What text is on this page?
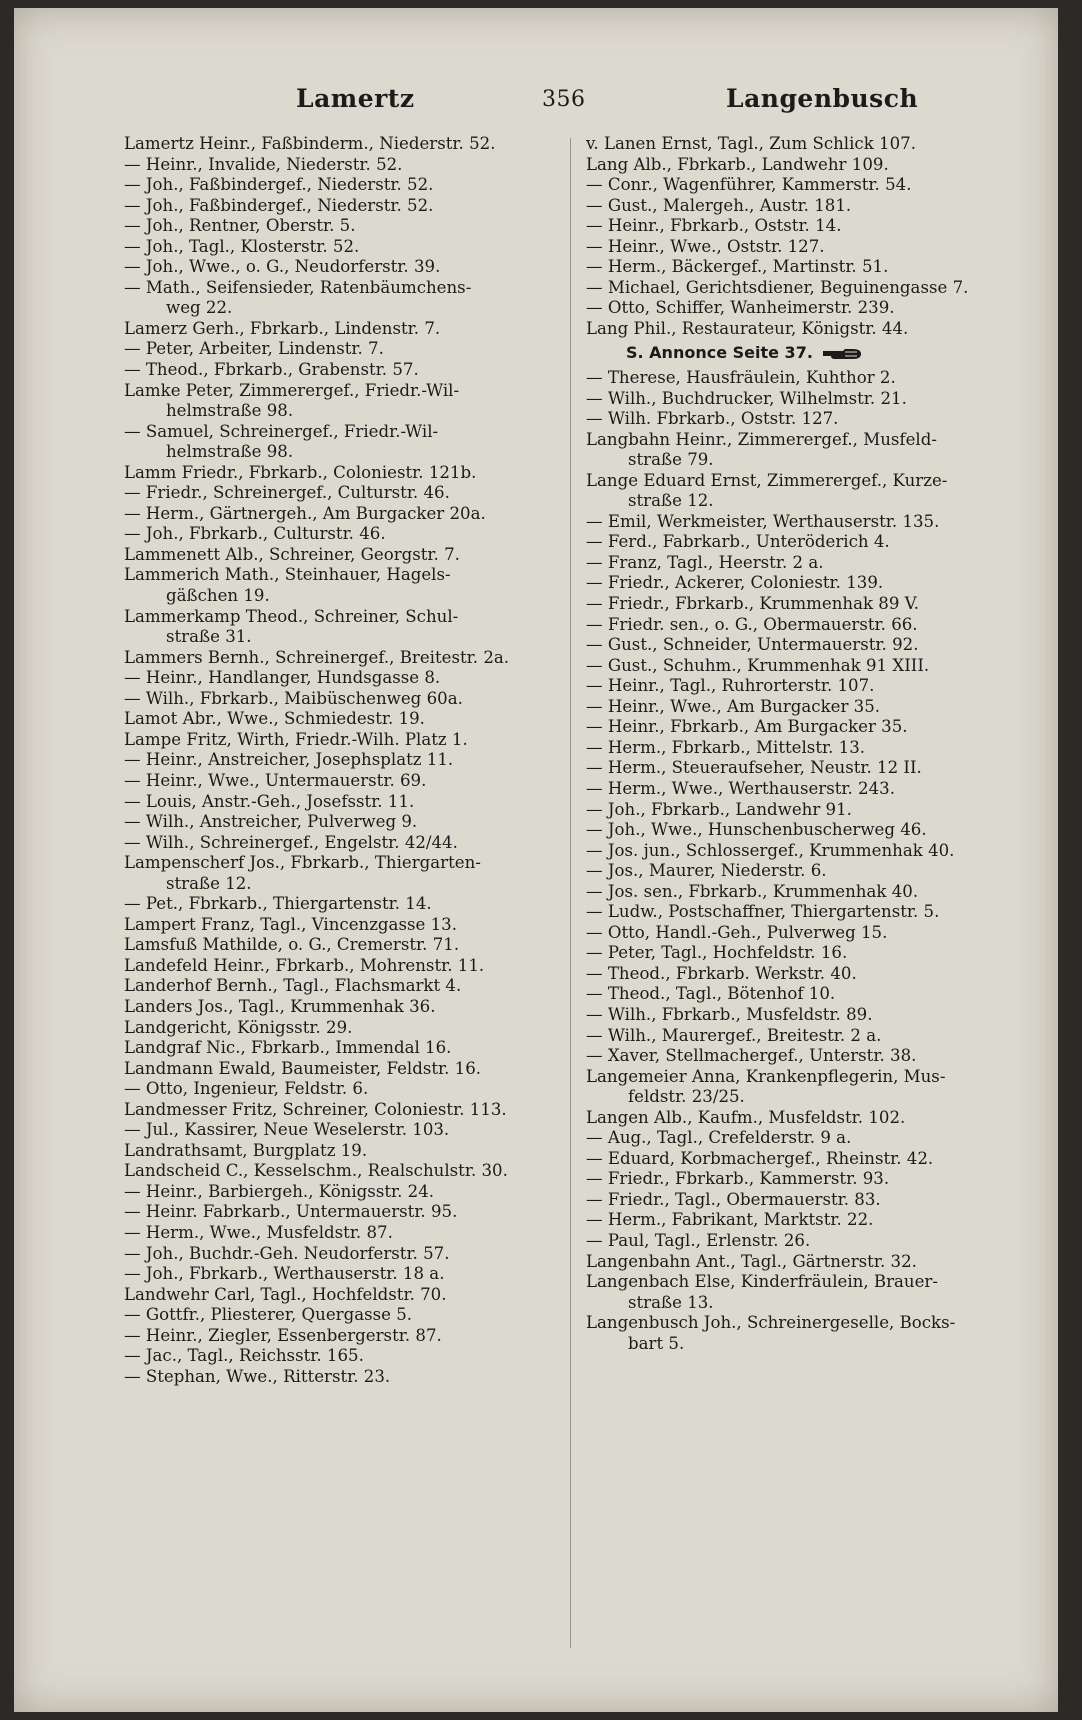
Lamertz	356	Langenbusch
Lamertz Heinr., Faßbinderm., Niederstr. 52.
— Heinr., Invalide, Niederstr. 52.
— Joh., Faßbindergef., Niederstr. 52.
— Joh., Faßbindergef., Niederstr. 52.
— Joh., Rentner, Oberstr. 5.
— Joh., Tagl., Klosterstr. 52.
— Joh., Wwe., o. G., Neudorferstr. 39.
— Math., Seifensieder, Ratenbäumchens-
weg 22.
Lamerz Gerh., Fbrkarb., Lindenstr. 7.
— Peter, Arbeiter, Lindenstr. 7.
— Theod., Fbrkarb., Grabenstr. 57.
Lamke Peter, Zimmerergef., Friedr.-Wil-
helmstraße 98.
— Samuel, Schreinergef., Friedr.-Wil-
helmstraße 98.
Lamm Friedr., Fbrkarb., Coloniestr. 121b.
— Friedr., Schreinergef., Culturstr. 46.
— Herm., Gärtnergeh., Am Burgacker 20a.
— Joh., Fbrkarb., Culturstr. 46.
Lammenett Alb., Schreiner, Georgstr. 7.
Lammerich Math., Steinhauer, Hagels-
gäßchen 19.
Lammerkamp Theod., Schreiner, Schul-
straße 31.
Lammers Bernh., Schreinergef., Breitestr. 2a.
— Heinr., Handlanger, Hundsgasse 8.
— Wilh., Fbrkarb., Maibüschenweg 60a.
Lamot Abr., Wwe., Schmiedestr. 19.
Lampe Fritz, Wirth, Friedr.-Wilh. Platz 1.
— Heinr., Anstreicher, Josephsplatz 11.
— Heinr., Wwe., Untermauerstr. 69.
— Louis, Anstr.-Geh., Josefsstr. 11.
— Wilh., Anstreicher, Pulverweg 9.
— Wilh., Schreinergef., Engelstr. 42/44.
Lampenscherf Jos., Fbrkarb., Thiergarten-
straße 12.
— Pet., Fbrkarb., Thiergartenstr. 14.
Lampert Franz, Tagl., Vincenzgasse 13.
Lamsfuß Mathilde, o. G., Cremerstr. 71.
Landefeld Heinr., Fbrkarb., Mohrenstr. 11.
Landerhof Bernh., Tagl., Flachsmarkt 4.
Landers Jos., Tagl., Krummenhak 36.
Landgericht, Königsstr. 29.
Landgraf Nic., Fbrkarb., Immendal 16.
Landmann Ewald, Baumeister, Feldstr. 16.
— Otto, Ingenieur, Feldstr. 6.
Landmesser Fritz, Schreiner, Coloniestr. 113.
— Jul., Kassirer, Neue Weselerstr. 103.
Landrathsamt, Burgplatz 19.
Landscheid C., Kesselschm., Realschulstr. 30.
— Heinr., Barbiergeh., Königsstr. 24.
— Heinr. Fabrkarb., Untermauerstr. 95.
— Herm., Wwe., Musfeldstr. 87.
— Joh., Buchdr.-Geh. Neudorferstr. 57.
— Joh., Fbrkarb., Werthauserstr. 18 a.
Landwehr Carl, Tagl., Hochfeldstr. 70.
— Gottfr., Pliesterer, Quergasse 5.
— Heinr., Ziegler, Essenbergerstr. 87.
— Jac., Tagl., Reichsstr. 165.
— Stephan, Wwe., Ritterstr. 23.
v. Lanen Ernst, Tagl., Zum Schlick 107.
Lang Alb., Fbrkarb., Landwehr 109.
— Conr., Wagenführer, Kammerstr. 54.
— Gust., Malergeh., Austr. 181.
— Heinr., Fbrkarb., Oststr. 14.
— Heinr., Wwe., Oststr. 127.
— Herm., Bäckergef., Martinstr. 51.
— Michael, Gerichtsdiener, Beguinengasse 7.
— Otto, Schiffer, Wanheimerstr. 239.
Lang Phil., Restaurateur, Königstr. 44.
S. Annonce Seite 37.
— Therese, Hausfräulein, Kuhthor 2.
— Wilh., Buchdrucker, Wilhelmstr. 21.
— Wilh. Fbrkarb., Oststr. 127.
Langbahn Heinr., Zimmerergef., Musfeld-
straße 79.
Lange Eduard Ernst, Zimmerergef., Kurze-
straße 12.
— Emil, Werkmeister, Werthauserstr. 135.
— Ferd., Fabrkarb., Unteröderich 4.
— Franz, Tagl., Heerstr. 2 a.
— Friedr., Ackerer, Coloniestr. 139.
— Friedr., Fbrkarb., Krummenhak 89 V.
— Friedr. sen., o. G., Obermauerstr. 66.
— Gust., Schneider, Untermauerstr. 92.
— Gust., Schuhm., Krummenhak 91 XIII.
— Heinr., Tagl., Ruhrorterstr. 107.
— Heinr., Wwe., Am Burgacker 35.
— Heinr., Fbrkarb., Am Burgacker 35.
— Herm., Fbrkarb., Mittelstr. 13.
— Herm., Steueraufseher, Neustr. 12 II.
— Herm., Wwe., Werthauserstr. 243.
— Joh., Fbrkarb., Landwehr 91.
— Joh., Wwe., Hunschenbuscherweg 46.
— Jos. jun., Schlossergef., Krummenhak 40.
— Jos., Maurer, Niederstr. 6.
— Jos. sen., Fbrkarb., Krummenhak 40.
— Ludw., Postschaffner, Thiergartenstr. 5.
— Otto, Handl.-Geh., Pulverweg 15.
— Peter, Tagl., Hochfeldstr. 16.
— Theod., Fbrkarb. Werkstr. 40.
— Theod., Tagl., Bötenhof 10.
— Wilh., Fbrkarb., Musfeldstr. 89.
— Wilh., Maurergef., Breitestr. 2 a.
— Xaver, Stellmachergef., Unterstr. 38.
Langemeier Anna, Krankenpflegerin, Mus-
feldstr. 23/25.
Langen Alb., Kaufm., Musfeldstr. 102.
— Aug., Tagl., Crefelderstr. 9 a.
— Eduard, Korbmachergef., Rheinstr. 42.
— Friedr., Fbrkarb., Kammerstr. 93.
— Friedr., Tagl., Obermauerstr. 83.
— Herm., Fabrikant, Marktstr. 22.
— Paul, Tagl., Erlenstr. 26.
Langenbahn Ant., Tagl., Gärtnerstr. 32.
Langenbach Else, Kinderfräulein, Brauer-
straße 13.
Langenbusch Joh., Schreinergeselle, Bocks-
bart 5.
